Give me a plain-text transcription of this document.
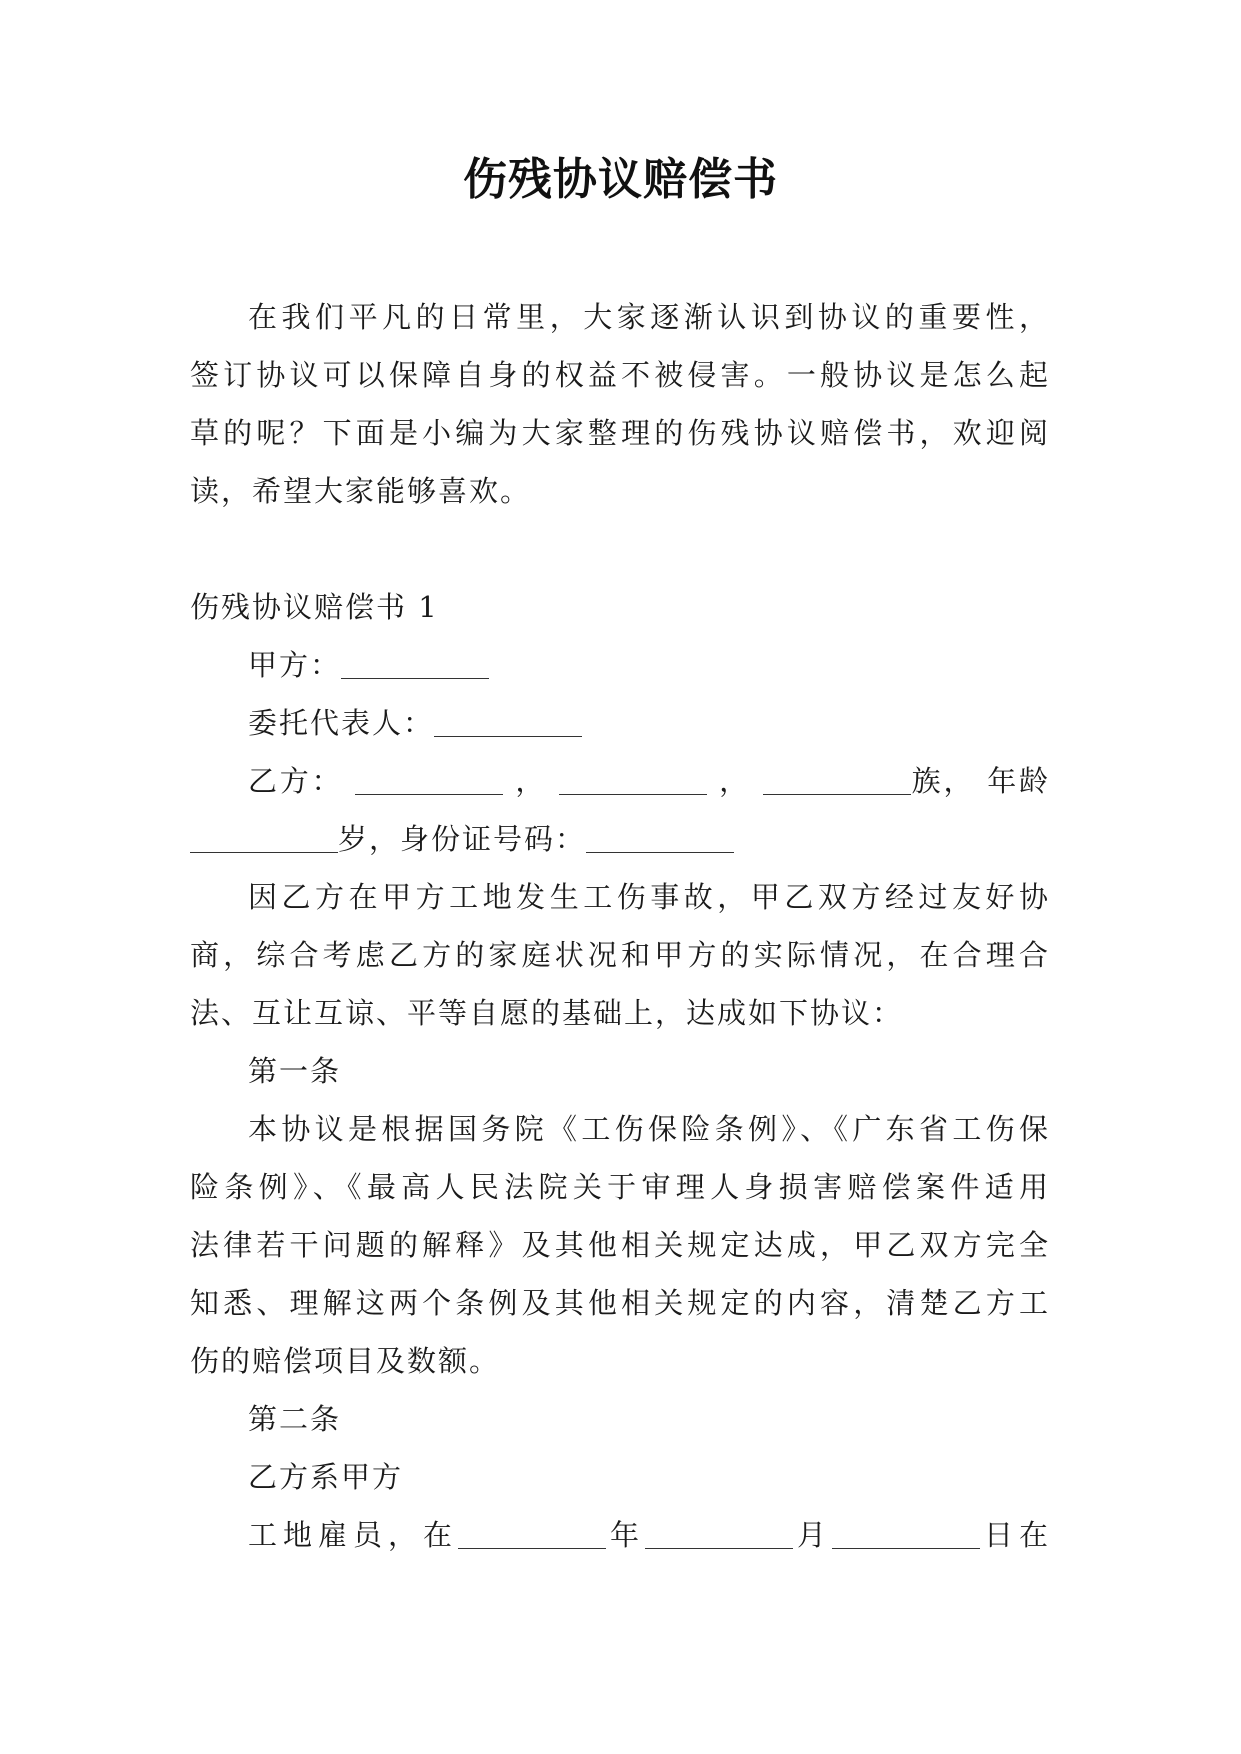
伤残协议赔偿书

在我们平凡的日常里，大家逐渐认识到协议的重要性，

签订协议可以保障自身的权益不被侵害。一般协议是怎么起

草的呢？下面是小编为大家整理的伤残协议赔偿书，欢迎阅

读，希望大家能够喜欢。

伤残协议赔偿书 1

甲方：

委托代表人：

乙方：	，	，	族， 年龄

岁，身份证号码：

因乙方在甲方工地发生工伤事故，甲乙双方经过友好协

商，综合考虑乙方的家庭状况和甲方的实际情况，在合理合

法、互让互谅、平等自愿的基础上，达成如下协议：

第一条

本协议是根据国务院《工伤保险条例》、《广东省工伤保

险条例》、《最高人民法院关于审理人身损害赔偿案件适用

法律若干问题的解释》及其他相关规定达成，甲乙双方完全

知悉、理解这两个条例及其他相关规定的内容，清楚乙方工

伤的赔偿项目及数额。

第二条

乙方系甲方

工地雇员，在	年	月	日在
